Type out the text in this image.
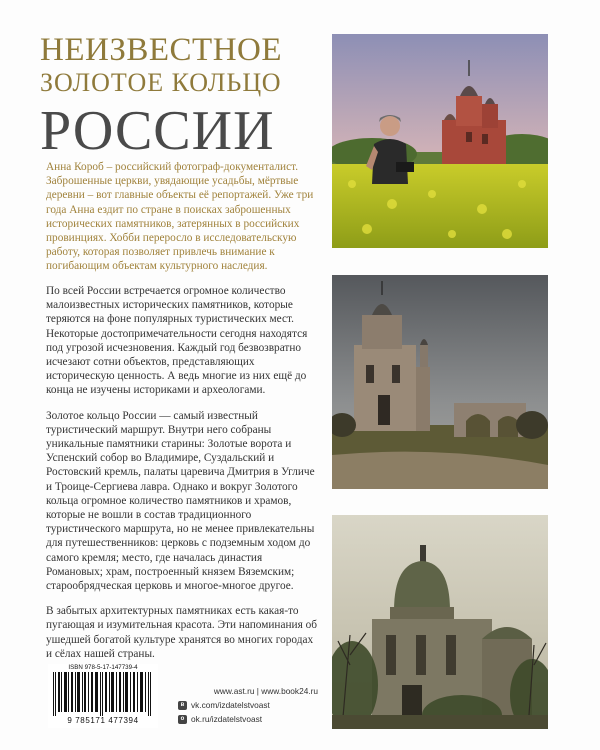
НЕИЗВЕСТНОЕ
ЗОЛОТОЕ КОЛЬЦО
РОССИИ
Анна Короб – российский фотограф-документалист. Заброшенные церкви, увядающие усадьбы, мёртвые деревни – вот главные объекты её репортажей. Уже три года Анна ездит по стране в поисках заброшенных исторических памятников, затерянных в российских провинциях. Хобби переросло в исследовательскую работу, которая позволяет привлечь внимание к погибающим объектам культурного наследия.

По всей России встречается огромное количество малоизвестных исторических памятников, которые теряются на фоне популярных туристических мест. Некоторые достопримечательности сегодня находятся под угрозой исчезновения. Каждый год безвозвратно исчезают сотни объектов, представляющих историческую ценность. А ведь многие из них ещё до конца не изучены историками и археологами.

Золотое кольцо России — самый известный туристический маршрут. Внутри него собраны уникальные памятники старины: Золотые ворота и Успенский собор во Владимире, Суздальский и Ростовский кремль, палаты царевича Дмитрия в Угличе и Троице-Сергиева лавра. Однако и вокруг Золотого кольца огромное количество памятников и храмов, которые не вошли в состав традиционного туристического маршрута, но не менее привлекательны для путешественников: церковь с подземным ходом до самого кремля; место, где началась династия Романовых; храм, построенный князем Вяземским; старообрядческая церковь и многое-многое другое.

В забытых архитектурных памятниках есть какая-то пугающая и изумительная красота. Эти напоминания об ушедшей богатой культуре хранятся во многих городах и сёлах нашей страны.

ISBN 978-5-17-147739-4
9 785171 477394
www.ast.ru | www.book24.ru
в vk.com/izdatelstvoast
о ok.ru/izdatelstvoast
